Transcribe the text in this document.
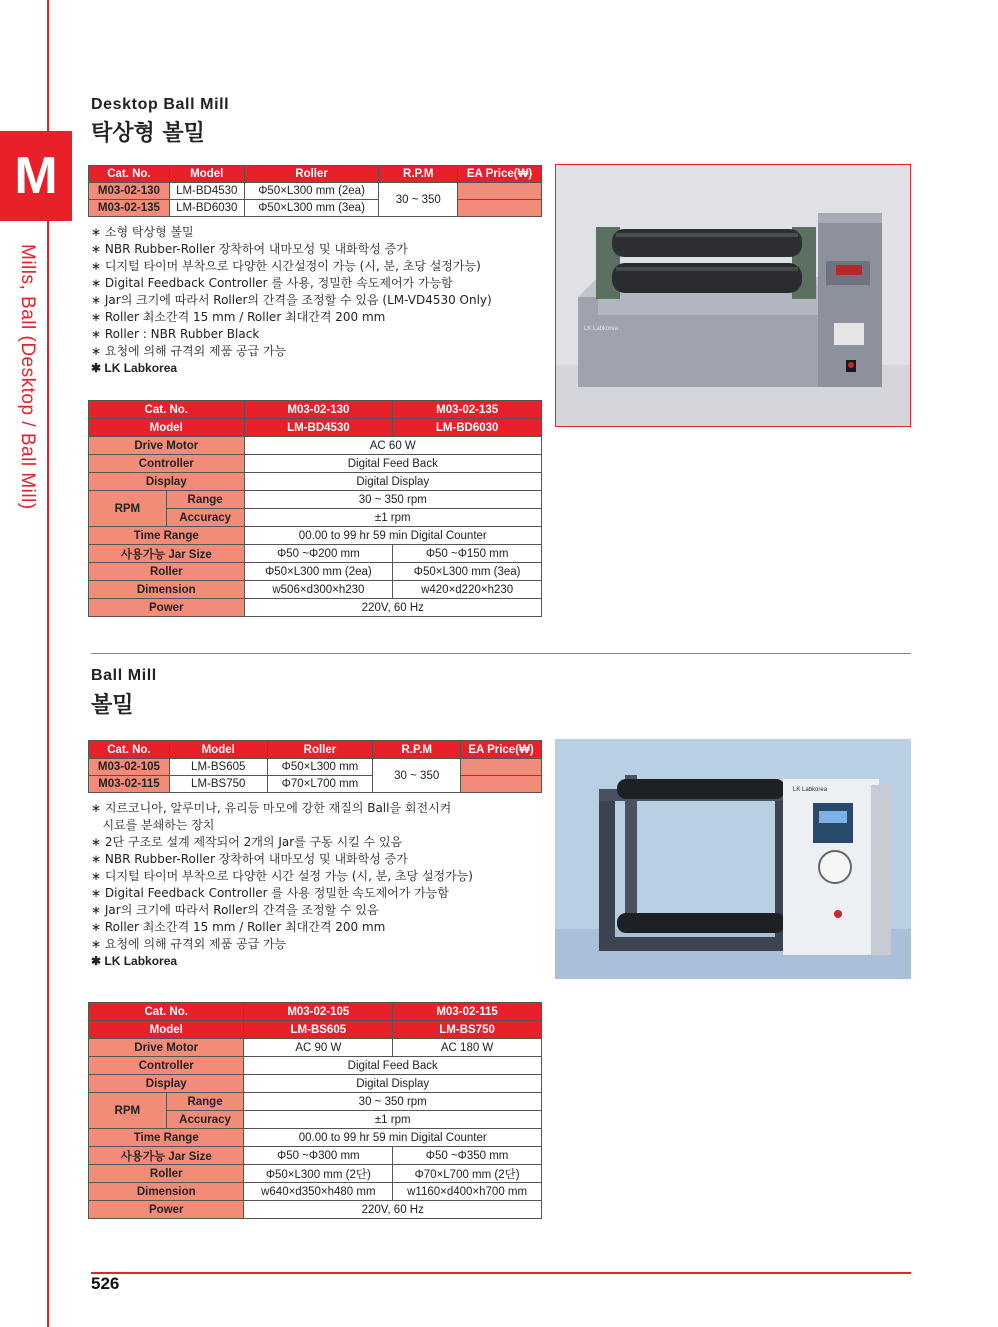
M
Mills, Ball (Desktop / Ball Mill)
Desktop Ball Mill
탁상형 볼밀
Cat. No.	Model	Roller	R.P.M	EA Price(₩)
M03-02-130	LM-BD4530	Φ50×L300 mm (2ea)	30 ~ 350	
M03-02-135	LM-BD6030	Φ50×L300 mm (3ea)		
∗ 소형 탁상형 볼밀
∗ NBR Rubber-Roller 장착하여 내마모성 및 내화학성 증가
∗ 디지털 타이머 부착으로 다양한 시간설정이 가능 (시, 분, 초당 설정가능)
∗ Digital Feedback Controller 를 사용, 정밀한 속도제어가 가능함
∗ Jar의 크기에 따라서 Roller의 간격을 조정할 수 있음 (LM-VD4530 Only)
∗ Roller 최소간격 15 mm / Roller 최대간격 200 mm
∗ Roller : NBR Rubber Black
∗ 요청에 의해 규격외 제품 공급 가능
✱ LK Labkorea
Cat. No.		M03-02-130	M03-02-135
Model		LM-BD4530	LM-BD6030
Drive Motor		AC 60 W	
Controller		Digital Feed Back	
Display		Digital Display	
RPM	Range	30 ~ 350 rpm	
	Accuracy	±1 rpm	
Time Range		00.00 to 99 hr 59 min Digital Counter	
사용가능 Jar Size		Φ50 ~Φ200 mm	Φ50 ~Φ150 mm
Roller		Φ50×L300 mm (2ea)	Φ50×L300 mm (3ea)
Dimension		w506×d300×h230	w420×d220×h230
Power		220V, 60 Hz	
LK Labkorea
Ball Mill
볼밀
Cat. No.	Model	Roller	R.P.M	EA Price(₩)
M03-02-105	LM-BS605	Φ50×L300 mm	30 ~ 350	
M03-02-115	LM-BS750	Φ70×L700 mm		
∗ 지르코니아, 알루미나, 유리등 마모에 강한 재질의 Ball을 회전시켜
시료를 분쇄하는 장치
∗ 2단 구조로 설계 제작되어 2개의 Jar를 구동 시킬 수 있음
∗ NBR Rubber-Roller 장착하여 내마모성 및 내화학성 증가
∗ 디지털 타이머 부착으로 다양한 시간 설정 가능 (시, 분, 초당 설정가능)
∗ Digital Feedback Controller 를 사용 정밀한 속도제어가 가능함
∗ Jar의 크기에 따라서 Roller의 간격을 조정할 수 있음
∗ Roller 최소간격 15 mm / Roller 최대간격 200 mm
∗ 요청에 의해 규격외 제품 공급 가능
✱ LK Labkorea
Cat. No.		M03-02-105	M03-02-115
Model		LM-BS605	LM-BS750
Drive Motor		AC 90 W	AC 180 W
Controller		Digital Feed Back	
Display		Digital Display	
RPM	Range	30 ~ 350 rpm	
	Accuracy	±1 rpm	
Time Range		00.00 to 99 hr 59 min Digital Counter	
사용가능 Jar Size		Φ50 ~Φ300 mm	Φ50 ~Φ350 mm
Roller		Φ50×L300 mm (2단)	Φ70×L700 mm (2단)
Dimension		w640×d350×h480 mm	w1160×d400×h700 mm
Power		220V, 60 Hz	
LK Labkorea
526
